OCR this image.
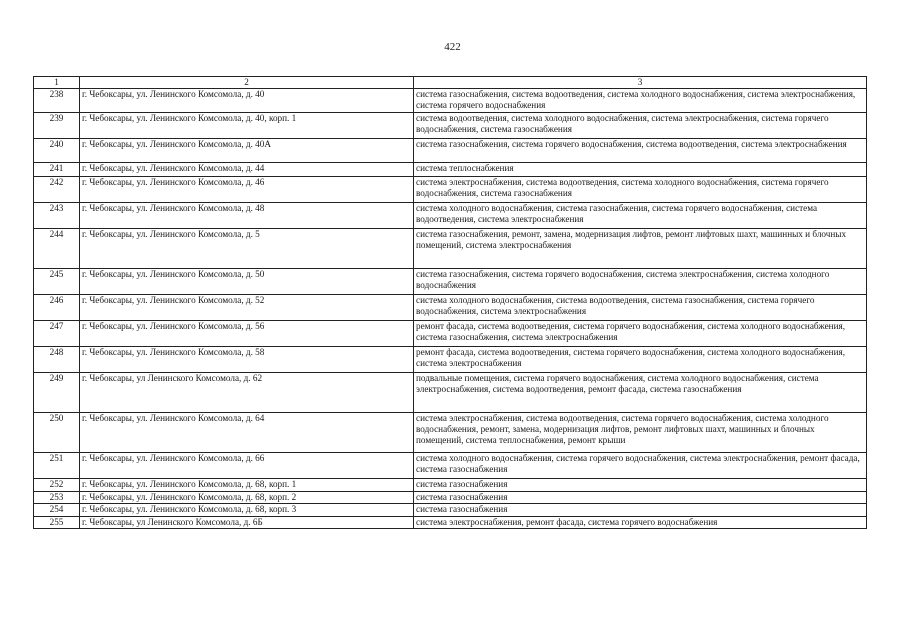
422
1	2	3
238	г. Чебоксары, ул. Ленинского Комсомола, д. 40	система газоснабжения, система водоотведения, система холодного водоснабжения, система электроснабжения, система горячего водоснабжения
239	г. Чебоксары, ул. Ленинского Комсомола, д. 40, корп. 1	система водоотведения, система холодного водоснабжения, система электроснабжения, система горячего водоснабжения, система газоснабжения
240	г. Чебоксары, ул. Ленинского Комсомола, д. 40А	система газоснабжения, система горячего водоснабжения, система водоотведения, система электроснабжения
241	г. Чебоксары, ул. Ленинского Комсомола, д. 44	система теплоснабжения
242	г. Чебоксары, ул. Ленинского Комсомола, д. 46	система электроснабжения, система водоотведения, система холодного водоснабжения, система горячего водоснабжения, система газоснабжения
243	г. Чебоксары, ул. Ленинского Комсомола, д. 48	система холодного водоснабжения, система газоснабжения, система горячего водоснабжения, система водоотведения, система электроснабжения
244	г. Чебоксары, ул. Ленинского Комсомола, д. 5	система газоснабжения, ремонт, замена, модернизация лифтов, ремонт лифтовых шахт, машинных и блочных помещений, система электроснабжения
245	г. Чебоксары, ул. Ленинского Комсомола, д. 50	система газоснабжения, система горячего водоснабжения, система электроснабжения, система холодного водоснабжения
246	г. Чебоксары, ул. Ленинского Комсомола, д. 52	система холодного водоснабжения, система водоотведения, система газоснабжения, система горячего водоснабжения, система электроснабжения
247	г. Чебоксары, ул. Ленинского Комсомола, д. 56	ремонт фасада, система водоотведения, система горячего водоснабжения, система холодного водоснабжения, система газоснабжения, система электроснабжения
248	г. Чебоксары, ул. Ленинского Комсомола, д. 58	ремонт фасада, система водоотведения, система горячего водоснабжения, система холодного водоснабжения, система электроснабжения
249	г. Чебоксары, ул Ленинского Комсомола, д. 62	подвальные помещения, система горячего водоснабжения, система холодного водоснабжения, система электроснабжения, система водоотведения, ремонт фасада, система газоснабжения
250	г. Чебоксары, ул. Ленинского Комсомола, д. 64	система электроснабжения, система водоотведения, система горячего водоснабжения, система холодного водоснабжения, ремонт, замена, модернизация лифтов, ремонт лифтовых шахт, машинных и блочных помещений, система теплоснабжения, ремонт крыши
251	г. Чебоксары, ул. Ленинского Комсомола, д. 66	система холодного водоснабжения, система горячего водоснабжения, система электроснабжения, ремонт фасада, система газоснабжения
252	г. Чебоксары, ул. Ленинского Комсомола, д. 68, корп. 1	система газоснабжения
253	г. Чебоксары, ул. Ленинского Комсомола, д. 68, корп. 2	система газоснабжения
254	г. Чебоксары, ул. Ленинского Комсомола, д. 68, корп. 3	система газоснабжения
255	г. Чебоксары, ул Ленинского Комсомола, д. 6Б	система электроснабжения, ремонт фасада, система горячего водоснабжения
